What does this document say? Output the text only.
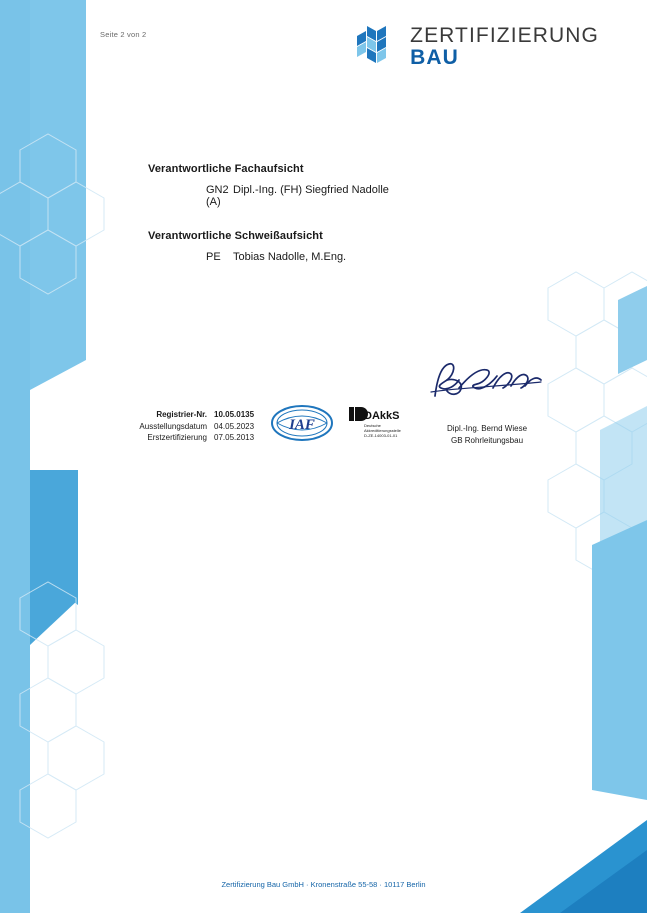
Seite 2 von 2	ZERTIFIZIERUNG
BAU
Verantwortliche Fachaufsicht
GN2 (A)
Dipl.-Ing. (FH) Siegfried Nadolle
Verantwortliche Schweißaufsicht
PE	Tobias Nadolle, M.Eng.
Registrier-Nr. 10.05.0135
Ausstellungsdatum 04.05.2023
Erstzertifizierung 07.05.2013
IAF
DAkkS
Deutsche
Akkreditierungsstelle
D-ZE-14003-01-01
Dipl.-Ing. Bernd Wiese
GB Rohrleitungsbau
Zertifizierung Bau GmbH · Kronenstraße 55-58 · 10117 Berlin
